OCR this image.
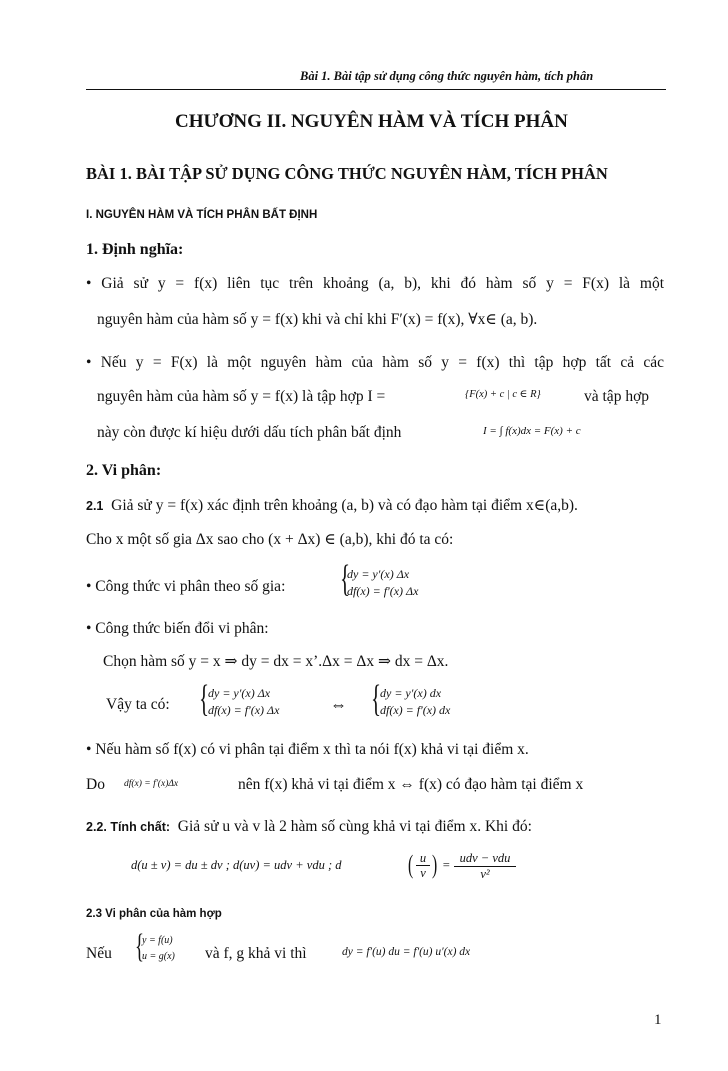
Bài 1. Bài tập sử dụng công thức nguyên hàm, tích phân
CHƯƠNG II. NGUYÊN HÀM VÀ TÍCH PHÂN
BÀI 1. BÀI TẬP SỬ DỤNG CÔNG THỨC NGUYÊN HÀM, TÍCH PHÂN
I. NGUYÊN HÀM VÀ TÍCH PHÂN BẤT ĐỊNH
1. Định nghĩa:
• Giả sử y = f(x) liên tục trên khoảng (a, b), khi đó hàm số y = F(x) là một
nguyên hàm của hàm số y = f(x) khi và chỉ khi F′(x) = f(x), ∀x∈ (a, b).
• Nếu y = F(x) là một nguyên hàm của hàm số y = f(x) thì tập hợp tất cả các
nguyên hàm của hàm số y = f(x) là tập hợp I =	{F(x) + c | c ∈ R}	và tập hợp
này còn được kí hiệu dưới dấu tích phân bất định	I = ∫ f(x)dx = F(x) + c
2. Vi phân:
2.1 Giả sử y = f(x) xác định trên khoảng (a, b) và có đạo hàm tại điểm x∈(a,b).
Cho x một số gia Δx sao cho (x + Δx) ∈ (a,b), khi đó ta có:
• Công thức vi phân theo số gia: {
dy = y′(x) Δx
df(x) = f′(x) Δx
• Công thức biến đổi vi phân:
Chọn hàm số y = x ⇒ dy = dx = x’.Δx = Δx ⇒ dx = Δx.
Vậy ta có: {
dy = y′(x) Δx
df(x) = f′(x) Δx	⇔ {
dy = y′(x) dx
df(x) = f′(x) dx
• Nếu hàm số f(x) có vi phân tại điểm x thì ta nói f(x) khả vi tại điểm x.
Do df(x) = f′(x)Δx	nên f(x) khả vi tại điểm x ⇔ f(x) có đạo hàm tại điểm x
2.2. Tính chất: Giả sử u và v là 2 hàm số cùng khả vi tại điểm x. Khi đó:
d(u ± v) = du ± dv ; d(uv) = udv + vdu ; d	( $\frac{u}{v}$ ) = udv − vdu
v²
2.3 Vi phân của hàm hợp
Nếu {
y = f(u)
u = g(x) và f, g khả vi thì	dy = f′(u) du = f′(u) u′(x) dx
1
